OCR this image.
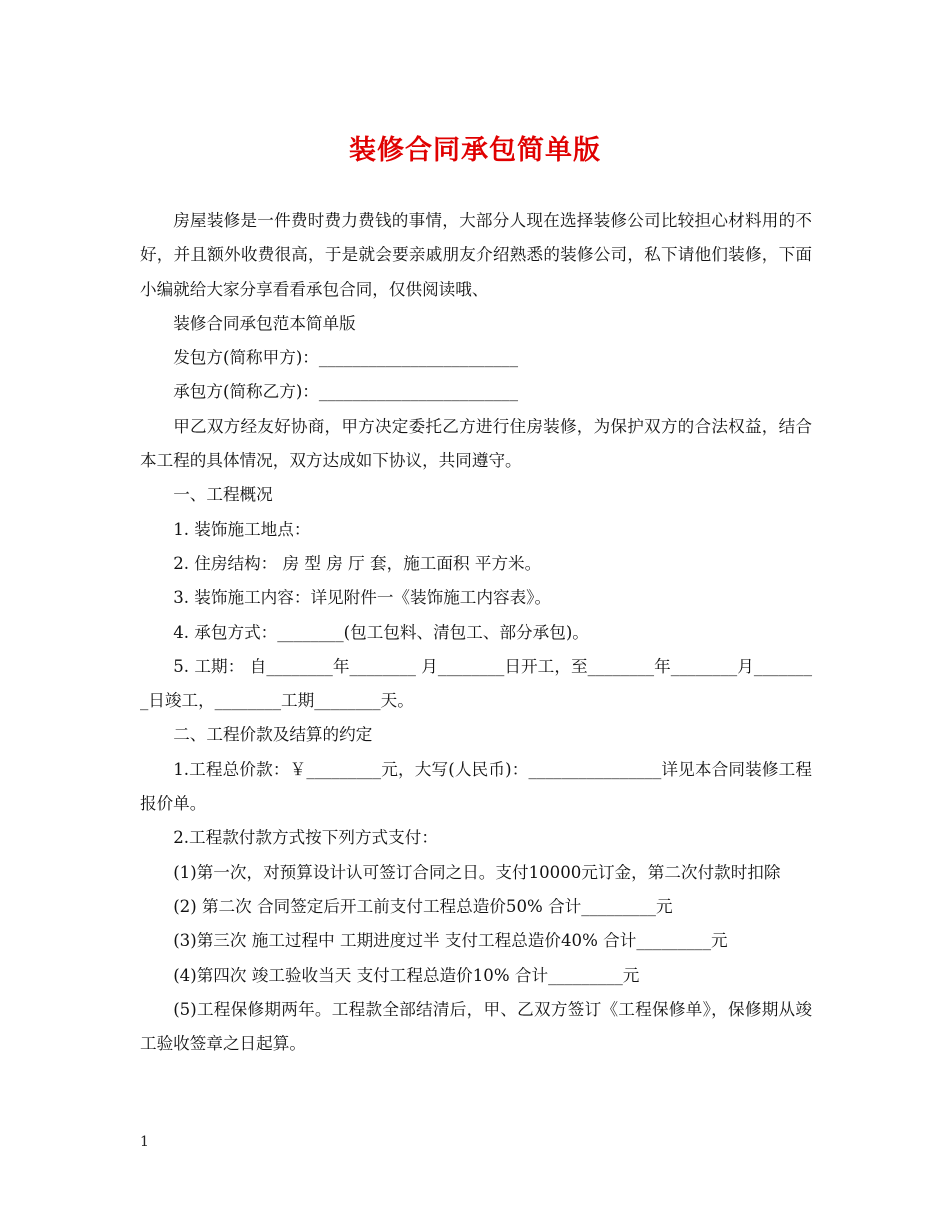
装修合同承包简单版

房屋装修是一件费时费力费钱的事情，大部分人现在选择装修公司比较担心材料用的不好，并且额外收费很高，于是就会要亲戚朋友介绍熟悉的装修公司，私下请他们装修，下面小编就给大家分享看看承包合同，仅供阅读哦、

装修合同承包范本简单版

发包方(简称甲方)：________________________

承包方(简称乙方)：________________________

甲乙双方经友好协商，甲方决定委托乙方进行住房装修，为保护双方的合法权益，结合本工程的具体情况，双方达成如下协议，共同遵守。

一、工程概况

1. 装饰施工地点：

2. 住房结构： 房 型 房 厅 套，施工面积 平方米。

3. 装饰施工内容：详见附件一《装饰施工内容表》。

4. 承包方式：________(包工包料、清包工、部分承包)。

5. 工期： 自________年________ 月________日开工，至________年________月________日竣工，________工期________天。

二、工程价款及结算的约定

1.工程总价款：￥_________元，大写(人民币)：________________详见本合同装修工程报价单。

2.工程款付款方式按下列方式支付：

(1)第一次，对预算设计认可签订合同之日。支付10000元订金，第二次付款时扣除

(2) 第二次 合同签定后开工前支付工程总造价50% 合计_________元

(3)第三次 施工过程中 工期进度过半 支付工程总造价40% 合计_________元

(4)第四次 竣工验收当天 支付工程总造价10% 合计_________元

(5)工程保修期两年。工程款全部结清后，甲、乙双方签订《工程保修单》，保修期从竣工验收签章之日起算。

1
